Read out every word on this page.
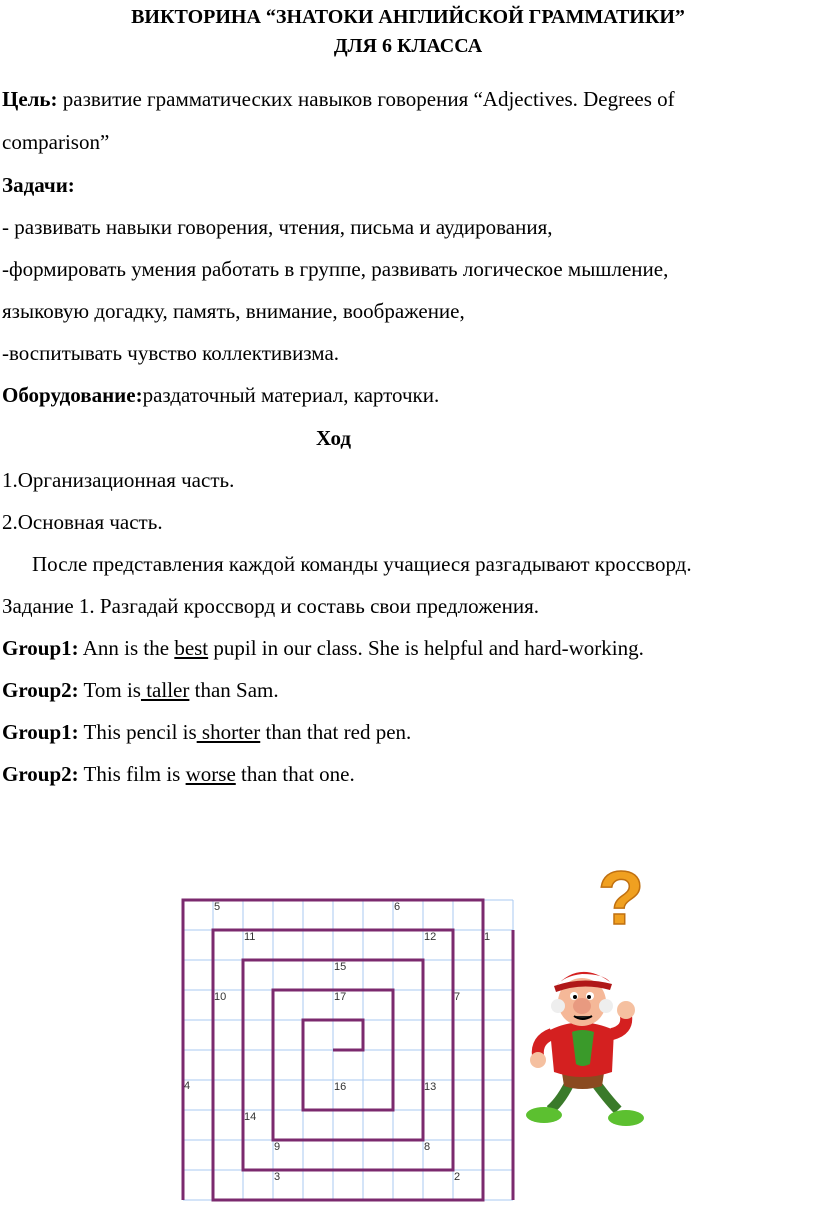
ВИКТОРИНА “ЗНАТОКИ АНГЛИЙСКОЙ ГРАММАТИКИ”
ДЛЯ 6 КЛАССА
Цель: развитие грамматических навыков говорения “Adjectives. Degrees of
comparison”
Задачи:
- развивать навыки говорения, чтения, письма и аудирования,
-формировать умения работать в группе, развивать логическое мышление,
языковую догадку, память, внимание, воображение,
-воспитывать чувство коллективизма.
Оборудование:раздаточный материал, карточки.
Ход
1.Организационная часть.
2.Основная часть.
После представления каждой команды учащиеся разгадывают кроссворд.
Задание 1. Разгадай кроссворд и составь свои предложения.
Group1: Ann is the best pupil in our class. She is helpful and hard-working.
Group2: Tom is taller than Sam.
Group1: This pencil is shorter than that red pen.
Group2: This film is worse than that one.
4
5	6
11	12	1
15
10	17	7
16	13
14
9	8
3	2
?
